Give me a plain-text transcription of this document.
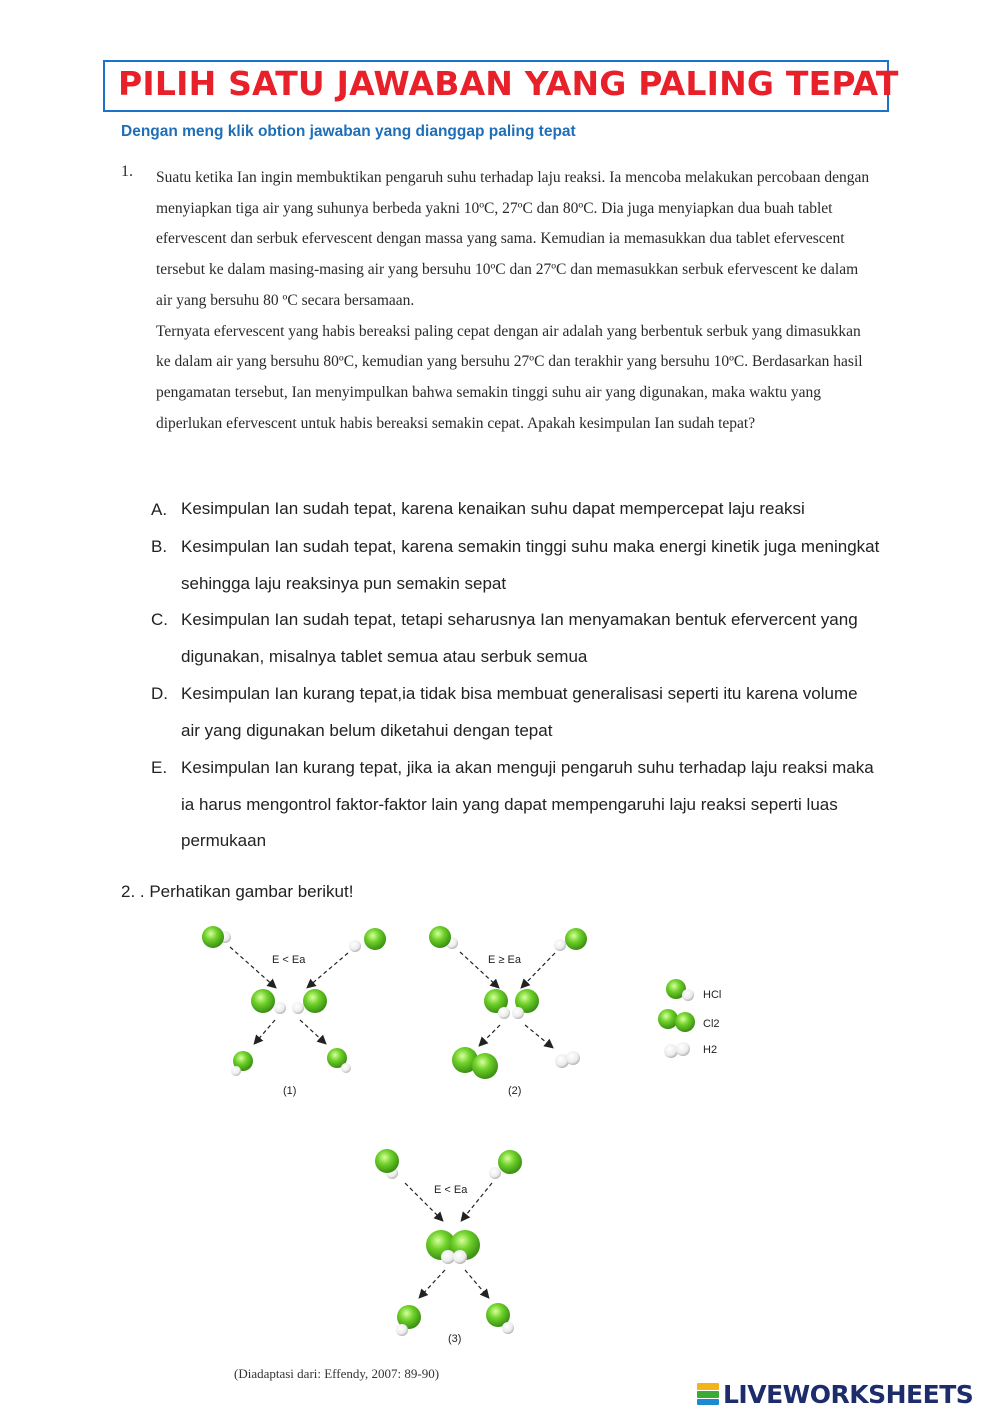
PILIH SATU JAWABAN YANG PALING TEPAT
Dengan meng klik obtion jawaban yang dianggap paling tepat
1. Suatu ketika Ian ingin membuktikan pengaruh suhu terhadap laju reaksi. Ia mencoba melakukan percobaan dengan menyiapkan tiga air yang suhunya berbeda yakni 10ºC, 27ºC dan 80ºC. Dia juga menyiapkan dua buah tablet efervescent dan serbuk efervescent dengan massa yang sama. Kemudian ia memasukkan dua tablet efervescent tersebut ke dalam masing-masing air yang bersuhu 10ºC dan 27ºC dan memasukkan serbuk efervescent ke dalam air yang bersuhu 80 ºC secara bersamaan.

Ternyata efervescent yang habis bereaksi paling cepat dengan air adalah yang berbentuk serbuk yang dimasukkan ke dalam air yang bersuhu 80ºC, kemudian yang bersuhu 27ºC dan terakhir yang bersuhu 10ºC. Berdasarkan hasil pengamatan tersebut, Ian menyimpulkan bahwa semakin tinggi suhu air yang digunakan, maka waktu yang diperlukan efervescent untuk habis bereaksi semakin cepat. Apakah kesimpulan Ian sudah tepat?

A. Kesimpulan Ian sudah tepat, karena kenaikan suhu dapat mempercepat laju reaksi
B. Kesimpulan Ian sudah tepat, karena semakin tinggi suhu maka energi kinetik juga meningkat sehingga laju reaksinya pun semakin sepat
C. Kesimpulan Ian sudah tepat, tetapi seharusnya Ian menyamakan bentuk efervercent yang digunakan, misalnya tablet semua atau serbuk semua
D. Kesimpulan Ian kurang tepat,ia tidak bisa membuat generalisasi seperti itu karena volume air yang digunakan belum diketahui dengan tepat
E. Kesimpulan Ian kurang tepat, jika ia akan menguji pengaruh suhu terhadap laju reaksi maka ia harus mengontrol faktor-faktor lain yang dapat mempengaruhi laju reaksi seperti luas permukaan
2. . Perhatikan gambar berikut!
E < Ea
(1)
E ≥ Ea
(2)
HCl
Cl2
H2
E < Ea
(3)
(Diadaptasi dari: Effendy, 2007: 89-90)
LIVEWORKSHEETS
